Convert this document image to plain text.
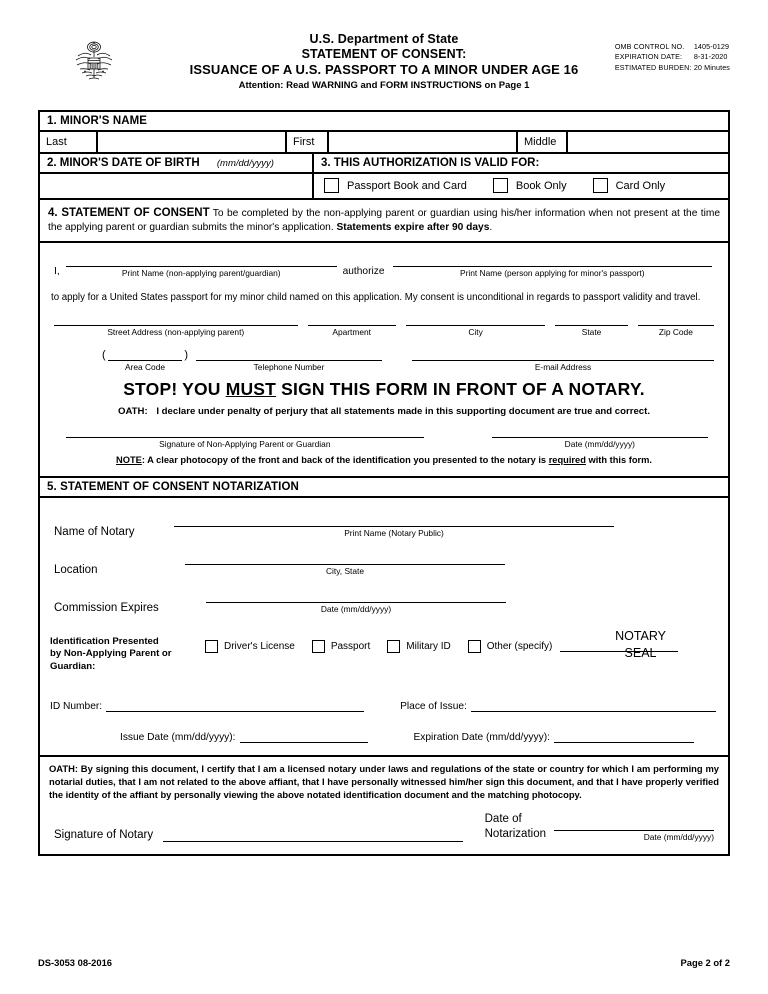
U.S. Department of State
STATEMENT OF CONSENT:
ISSUANCE OF A U.S. PASSPORT TO A MINOR UNDER AGE 16
Attention: Read WARNING and FORM INSTRUCTIONS on Page 1
OMB CONTROL NO. 1405-0129
EXPIRATION DATE: 8-31-2020
ESTIMATED BURDEN: 20 Minutes
1. MINOR'S NAME
Last	First	Middle
2. MINOR'S DATE OF BIRTH (mm/dd/yyyy)	3. THIS AUTHORIZATION IS VALID FOR:
Passport Book and Card	Book Only	Card Only
4. STATEMENT OF CONSENT To be completed by the non-applying parent or guardian using his/her information when not present at the time the applying parent or guardian submits the minor's application. Statements expire after 90 days.
I,	Print Name (non-applying parent/guardian)	authorize	Print Name (person applying for minor's passport)
to apply for a United States passport for my minor child named on this application. My consent is unconditional in regards to passport validity and travel.
Street Address (non-applying parent)	Apartment	City	State	Zip Code
(	)
Area Code	Telephone Number	E-mail Address
STOP! YOU MUST SIGN THIS FORM IN FRONT OF A NOTARY.
OATH: I declare under penalty of perjury that all statements made in this supporting document are true and correct.
Signature of Non-Applying Parent or Guardian	Date (mm/dd/yyyy)
NOTE: A clear photocopy of the front and back of the identification you presented to the notary is required with this form.
5. STATEMENT OF CONSENT NOTARIZATION
NOTARY
SEAL
Name of Notary	Print Name (Notary Public)
Location	City, State
Commission Expires	Date (mm/dd/yyyy)
Identification Presented
by Non-Applying Parent or
Guardian:
Driver's License	Passport	Military ID	Other (specify)
ID Number:	Place of Issue:
Issue Date (mm/dd/yyyy):	Expiration Date (mm/dd/yyyy):
OATH: By signing this document, I certify that I am a licensed notary under laws and regulations of the state or country for which I am performing my notarial duties, that I am not related to the above affiant, that I have personally witnessed him/her sign this document, and that I have properly verified the identity of the affiant by personally viewing the above notated identification document and the matching photocopy.
Signature of Notary
Date of
Notarization	Date (mm/dd/yyyy)
DS-3053 08-2016	Page 2 of 2
